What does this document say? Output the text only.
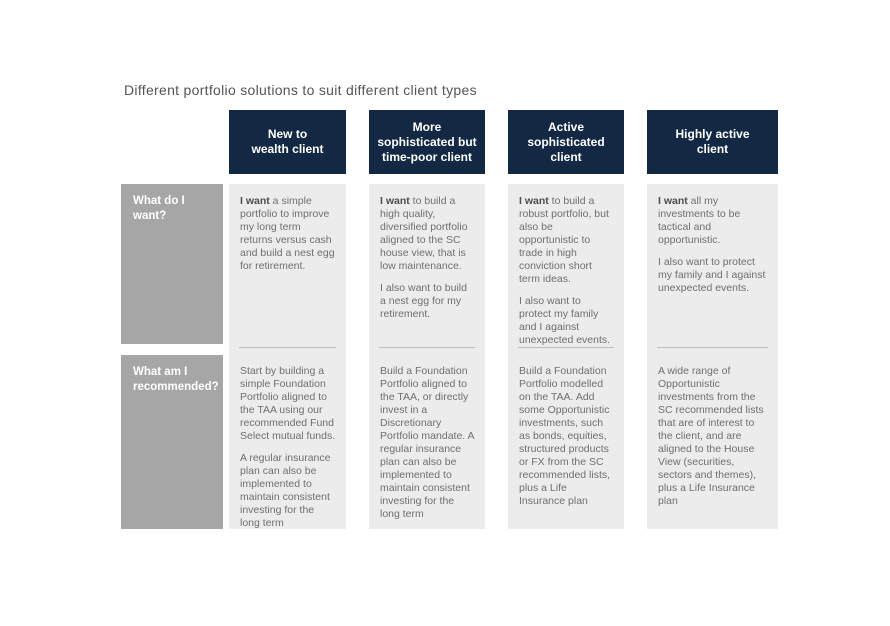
Different portfolio solutions to suit different client types
New to
wealth client
More
sophisticated but
time-poor client
Active
sophisticated
client
Highly active
client
What do I
want?
What am I
recommended?

I want a simple portfolio to improve my long term returns versus cash and build a nest egg for retirement.

Start by building a simple Foundation Portfolio aligned to the TAA using our recommended Fund Select mutual funds.

A regular insurance plan can also be implemented to maintain consistent investing for the long term

I want to build a high quality, diversified portfolio aligned to the SC house view, that is low maintenance.

I also want to build a nest egg for my retirement.

Build a Foundation Portfolio aligned to the TAA, or directly invest in a Discretionary Portfolio mandate. A regular insurance plan can also be implemented to maintain consistent investing for the long term

I want to build a robust portfolio, but also be opportunistic to trade in high conviction short term ideas.

I also want to protect my family and I against unexpected events.

Build a Foundation Portfolio modelled on the TAA. Add some Opportunistic investments, such as bonds, equities, structured products or FX from the SC recommended lists, plus a Life Insurance plan

I want all my investments to be tactical and opportunistic.

I also want to protect my family and I against unexpected events.

A wide range of Opportunistic investments from the SC recommended lists that are of interest to the client, and are aligned to the House View (securities, sectors and themes), plus a Life Insurance plan
